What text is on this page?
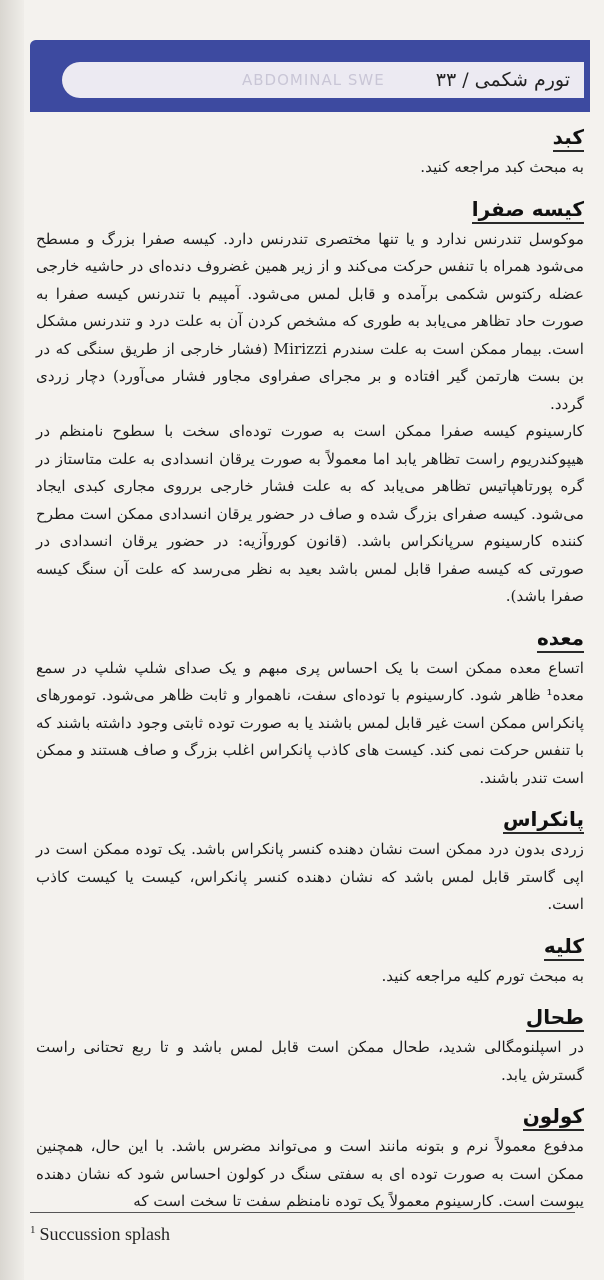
تورم شکمی / ۳۳
ABDOMINAL SWE
کبد

به مبحث کبد مراجعه کنید.

کیسه صفرا

موکوسل تندرنس ندارد و یا تنها مختصری تندرنس دارد. کیسه صفرا بزرگ و مسطح می‌شود همراه با تنفس حرکت می‌کند و از زیر همین غضروف دنده‌ای در حاشیه خارجی عضله رکتوس شکمی برآمده و قابل لمس می‌شود. آمپیم با تندرنس کیسه صفرا به صورت حاد تظاهر می‌یابد به طوری که مشخص کردن آن به علت درد و تندرنس مشکل است. بیمار ممکن است به علت سندرم Mirizzi (فشار خارجی از طریق سنگی که در بن بست هارتمن گیر افتاده و بر مجرای صفراوی مجاور فشار می‌آورد) دچار زردی گردد.

کارسینوم کیسه صفرا ممکن است به صورت توده‌ای سخت با سطوح نامنظم در هیپوکندریوم راست تظاهر یابد اما معمولاً به صورت یرقان انسدادی به علت متاستاز در گره پورتاهپاتیس تظاهر می‌یابد که به علت فشار خارجی برروی مجاری کبدی ایجاد می‌شود. کیسه صفرای بزرگ شده و صاف در حضور یرقان انسدادی ممکن است مطرح کننده کارسینوم سرپانکراس باشد. (قانون کوروآزیه: در حضور یرقان انسدادی در صورتی که کیسه صفرا قابل لمس باشد بعید به نظر می‌رسد که علت آن سنگ کیسه صفرا باشد).

معده

اتساع معده ممکن است با یک احساس پری مبهم و یک صدای شلپ شلپ در سمع معده¹ ظاهر شود. کارسینوم با توده‌ای سفت، ناهموار و ثابت ظاهر می‌شود. تومورهای پانکراس ممکن است غیر قابل لمس باشند یا به صورت توده ثابتی وجود داشته باشند که با تنفس حرکت نمی کند. کیست های کاذب پانکراس اغلب بزرگ و صاف هستند و ممکن است تندر باشند.

پانکراس

زردی بدون درد ممکن است نشان دهنده کنسر پانکراس باشد. یک توده ممکن است در اپی گاستر قابل لمس باشد که نشان دهنده کنسر پانکراس، کیست یا کیست کاذب است.

کلیه

به مبحث تورم کلیه مراجعه کنید.

طحال

در اسپلنومگالی شدید، طحال ممکن است قابل لمس باشد و تا ربع تحتانی راست گسترش یابد.

کولون

مدفوع معمولاً نرم و بتونه مانند است و می‌تواند مضرس باشد. با این حال، همچنین ممکن است به صورت توده ای به سفتی سنگ در کولون احساس شود که نشان دهنده یبوست است. کارسینوم معمولاً یک توده نامنظم سفت تا سخت است که

$^1$ Succussion splash
